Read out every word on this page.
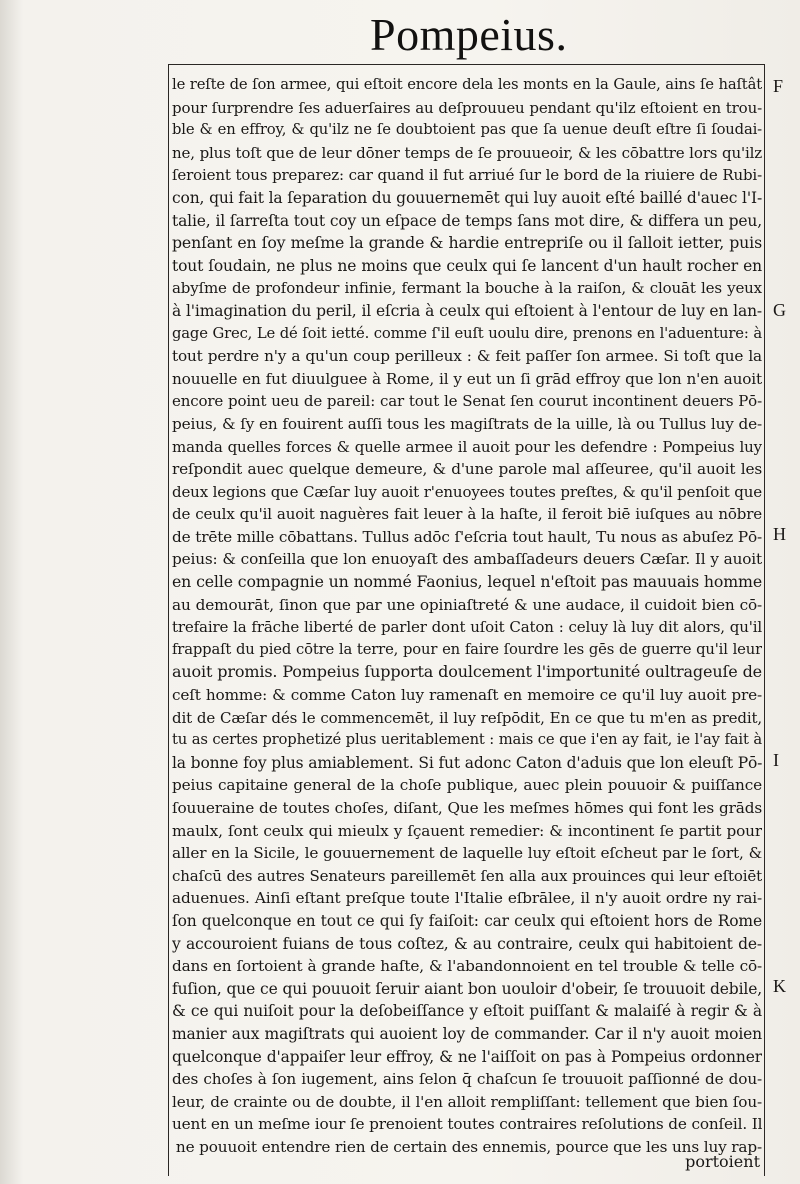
Pompeius.
le reſte de ſon armee, qui eſtoit encore dela les monts en la Gaule, ains ſe haſtât
pour ſurprendre ſes aduerſaires au deſprouueu pendant qu'ilz eſtoient en trou-
ble & en effroy, & qu'ilz ne ſe doubtoient pas que ſa uenue deuſt eſtre ſi ſoudai-
ne, plus toſt que de leur dōner temps de ſe prouueoir, & les cōbattre lors qu'ilz
ſeroient tous preparez: car quand il fut arriué ſur le bord de la riuiere de Rubi-
con, qui fait la ſeparation du gouuernemēt qui luy auoit eſté baillé d'auec l'I-
talie, il ſarreſta tout coy un eſpace de temps ſans mot dire, & differa un peu,
penſant en ſoy meſme la grande & hardie entrepriſe ou il ſalloit ietter, puis
tout ſoudain, ne plus ne moins que ceulx qui ſe lancent d'un hault rocher en
abyſme de profondeur infinie, fermant la bouche à la raiſon, & clouāt les yeux
à l'imagination du peril, il eſcria à ceulx qui eſtoient à l'entour de luy en lan-
gage Grec, Le dé ſoit ietté. comme ſ'il euſt uoulu dire, prenons en l'aduenture: à
tout perdre n'y a qu'un coup perilleux : & feit paſſer ſon armee. Si toſt que la
nouuelle en fut diuulguee à Rome, il y eut un ſi grād effroy que lon n'en auoit
encore point ueu de pareil: car tout le Senat ſen courut incontinent deuers Pō-
peius, & ſy en fouirent auſſi tous les magiſtrats de la uille, là ou Tullus luy de-
manda quelles forces & quelle armee il auoit pour les defendre : Pompeius luy
reſpondit auec quelque demeure, & d'une parole mal aſſeuree, qu'il auoit les
deux legions que Cæſar luy auoit r'enuoyees toutes preſtes, & qu'il penſoit que
de ceulx qu'il auoit naguères fait leuer à la haſte, il feroit biē iuſques au nōbre
de trēte mille cōbattans. Tullus adōc ſ'eſcria tout hault, Tu nous as abuſez Pō-
peius: & conſeilla que lon enuoyaſt des ambaſſadeurs deuers Cæſar. Il y auoit
en celle compagnie un nommé Faonius, lequel n'eſtoit pas mauuais homme
au demourāt, ſinon que par une opiniaſtreté & une audace, il cuidoit bien cō-
trefaire la frāche liberté de parler dont uſoit Caton : celuy là luy dit alors, qu'il
frappaſt du pied cōtre la terre, pour en faire ſourdre les gēs de guerre qu'il leur
auoit promis. Pompeius ſupporta doulcement l'importunité oultrageuſe de
ceſt homme: & comme Caton luy ramenaſt en memoire ce qu'il luy auoit pre-
dit de Cæſar dés le commencemēt, il luy reſpōdit, En ce que tu m'en as predit,
tu as certes prophetizé plus ueritablement : mais ce que i'en ay fait, ie l'ay fait à
la bonne foy plus amiablement. Si fut adonc Caton d'aduis que lon eleuſt Pō-
peius capitaine general de la choſe publique, auec plein pouuoir & puiſſance
ſouueraine de toutes choſes, diſant, Que les meſmes hōmes qui font les grāds
maulx, ſont ceulx qui mieulx y ſçauent remedier: & incontinent ſe partit pour
aller en la Sicile, le gouuernement de laquelle luy eſtoit eſcheut par le ſort, &
chaſcū des autres Senateurs pareillemēt ſen alla aux prouinces qui leur eſtoiēt
aduenues. Ainſi eſtant preſque toute l'Italie eſbrālee, il n'y auoit ordre ny rai-
ſon quelconque en tout ce qui ſy faiſoit: car ceulx qui eſtoient hors de Rome
y accouroient fuians de tous coſtez, & au contraire, ceulx qui habitoient de-
dans en ſortoient à grande haſte, & l'abandonnoient en tel trouble & telle cō-
fuſion, que ce qui pouuoit ſeruir aiant bon uouloir d'obeir, ſe trouuoit debile,
& ce qui nuiſoit pour la deſobeiſſance y eſtoit puiſſant & malaiſé à regir & à
manier aux magiſtrats qui auoient loy de commander. Car il n'y auoit moien
quelconque d'appaiſer leur effroy, & ne l'aiſſoit on pas à Pompeius ordonner
des choſes à ſon iugement, ains ſelon q̄ chaſcun ſe trouuoit paſſionné de dou-
leur, de crainte ou de doubte, il l'en alloit rempliſſant: tellement que bien ſou-
uent en un meſme iour ſe prenoient toutes contraires reſolutions de conſeil. Il
ne pouuoit entendre rien de certain des ennemis, pource que les uns luy rap-
F
G
H
I
K
portoient
